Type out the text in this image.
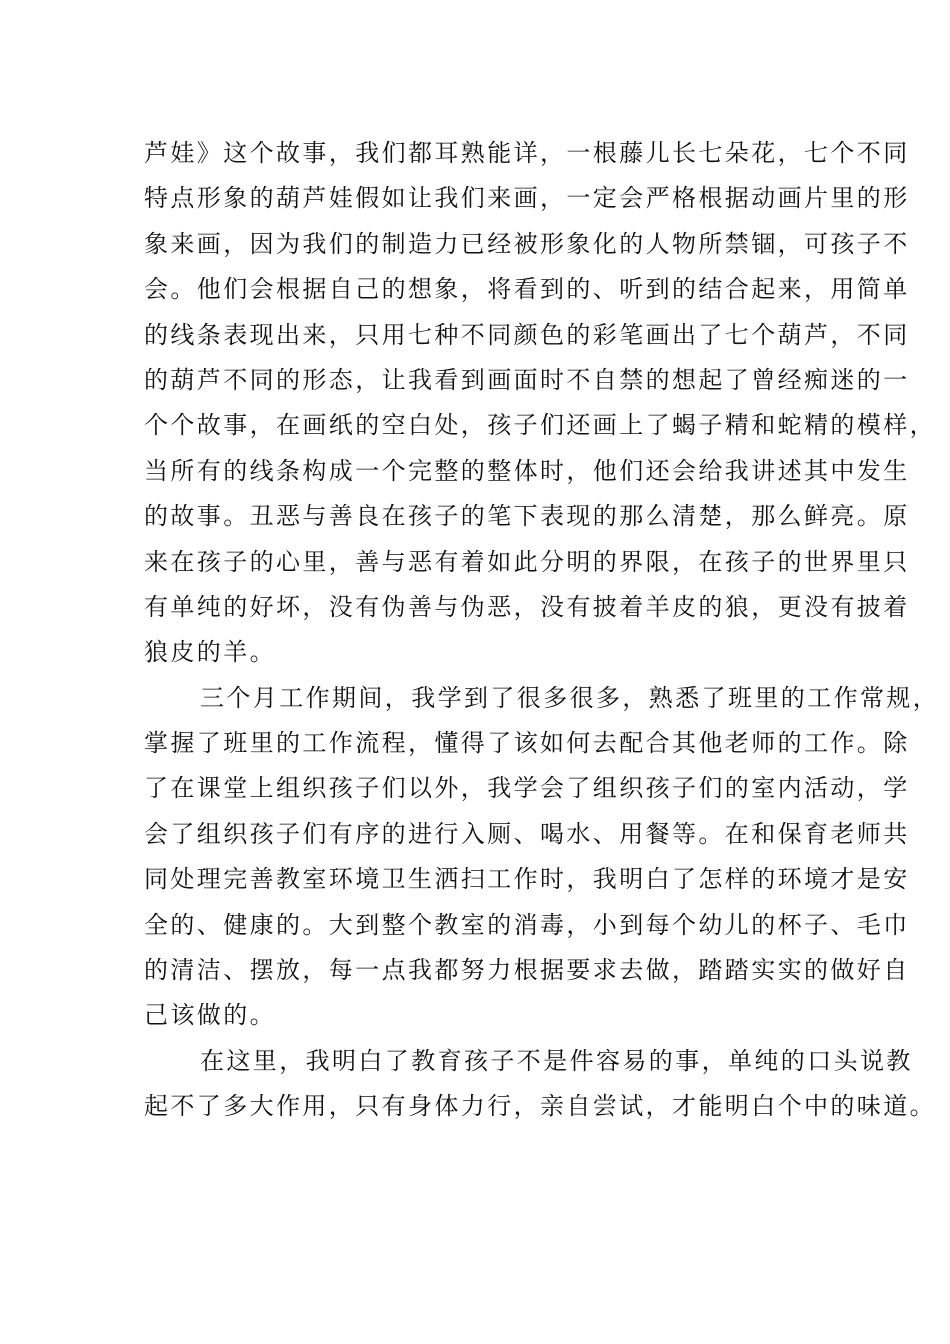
芦娃》这个故事，我们都耳熟能详，一根藤儿长七朵花，七个不同
特点形象的葫芦娃假如让我们来画，一定会严格根据动画片里的形
象来画，因为我们的制造力已经被形象化的人物所禁锢，可孩子不
会。他们会根据自己的想象，将看到的、听到的结合起来，用简单
的线条表现出来，只用七种不同颜色的彩笔画出了七个葫芦，不同
的葫芦不同的形态，让我看到画面时不自禁的想起了曾经痴迷的一
个个故事，在画纸的空白处，孩子们还画上了蝎子精和蛇精的模样，
当所有的线条构成一个完整的整体时，他们还会给我讲述其中发生
的故事。丑恶与善良在孩子的笔下表现的那么清楚，那么鲜亮。原
来在孩子的心里，善与恶有着如此分明的界限，在孩子的世界里只
有单纯的好坏，没有伪善与伪恶，没有披着羊皮的狼，更没有披着
狼皮的羊。
三个月工作期间，我学到了很多很多，熟悉了班里的工作常规，
掌握了班里的工作流程，懂得了该如何去配合其他老师的工作。除
了在课堂上组织孩子们以外，我学会了组织孩子们的室内活动，学
会了组织孩子们有序的进行入厕、喝水、用餐等。在和保育老师共
同处理完善教室环境卫生洒扫工作时，我明白了怎样的环境才是安
全的、健康的。大到整个教室的消毒，小到每个幼儿的杯子、毛巾
的清洁、摆放，每一点我都努力根据要求去做，踏踏实实的做好自
己该做的。
在这里，我明白了教育孩子不是件容易的事，单纯的口头说教
起不了多大作用，只有身体力行，亲自尝试，才能明白个中的味道。
